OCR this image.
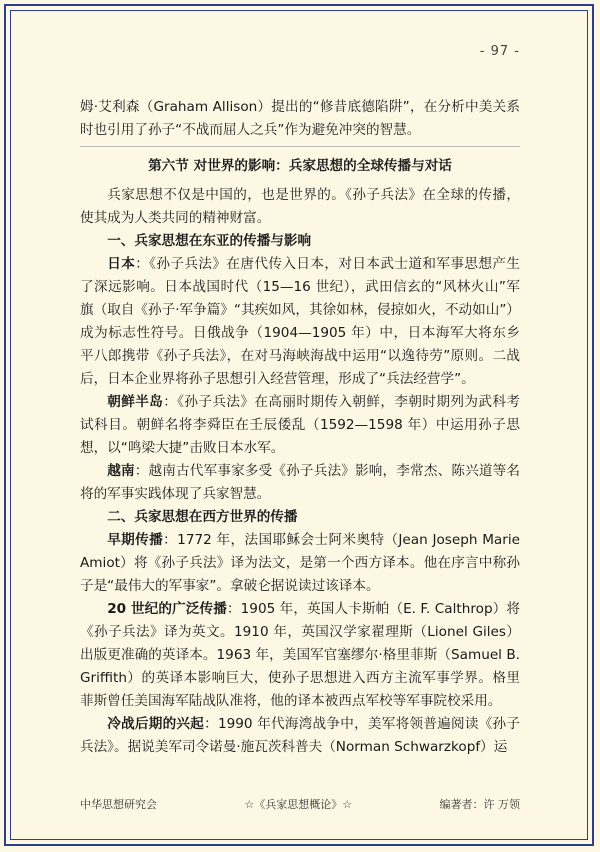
- 97 -

姆·艾利森（Graham Allison）提出的“修昔底德陷阱”，在分析中美关系时也引用了孙子“不战而屈人之兵”作为避免冲突的智慧。

第六节 对世界的影响：兵家思想的全球传播与对话

兵家思想不仅是中国的，也是世界的。《孙子兵法》在全球的传播，使其成为人类共同的精神财富。

一、兵家思想在东亚的传播与影响

日本：《孙子兵法》在唐代传入日本，对日本武士道和军事思想产生了深远影响。日本战国时代（15—16 世纪），武田信玄的“风林火山”军旗（取自《孙子·军争篇》“其疾如风，其徐如林，侵掠如火，不动如山”）成为标志性符号。日俄战争（1904—1905 年）中，日本海军大将东乡平八郎携带《孙子兵法》，在对马海峡海战中运用“以逸待劳”原则。二战后，日本企业界将孙子思想引入经营管理，形成了“兵法经营学”。

朝鲜半岛：《孙子兵法》在高丽时期传入朝鲜，李朝时期列为武科考试科目。朝鲜名将李舜臣在壬辰倭乱（1592—1598 年）中运用孙子思想，以“鸣梁大捷”击败日本水军。

越南：越南古代军事家多受《孙子兵法》影响，李常杰、陈兴道等名将的军事实践体现了兵家智慧。

二、兵家思想在西方世界的传播

早期传播：1772 年，法国耶稣会士阿米奥特（Jean Joseph Marie Amiot）将《孙子兵法》译为法文，是第一个西方译本。他在序言中称孙子是“最伟大的军事家”。拿破仑据说读过该译本。

20 世纪的广泛传播：1905 年，英国人卡斯帕（E. F. Calthrop）将《孙子兵法》译为英文。1910 年，英国汉学家翟理斯（Lionel Giles）出版更准确的英译本。1963 年，美国军官塞缪尔·格里菲斯（Samuel B. Griffith）的英译本影响巨大，使孙子思想进入西方主流军事学界。格里菲斯曾任美国海军陆战队准将，他的译本被西点军校等军事院校采用。

冷战后期的兴起：1990 年代海湾战争中，美军将领普遍阅读《孙子兵法》。据说美军司令诺曼·施瓦茨科普夫（Norman Schwarzkopf）运

中华思想研究会	☆《兵家思想概论》☆	编著者：许 万领
